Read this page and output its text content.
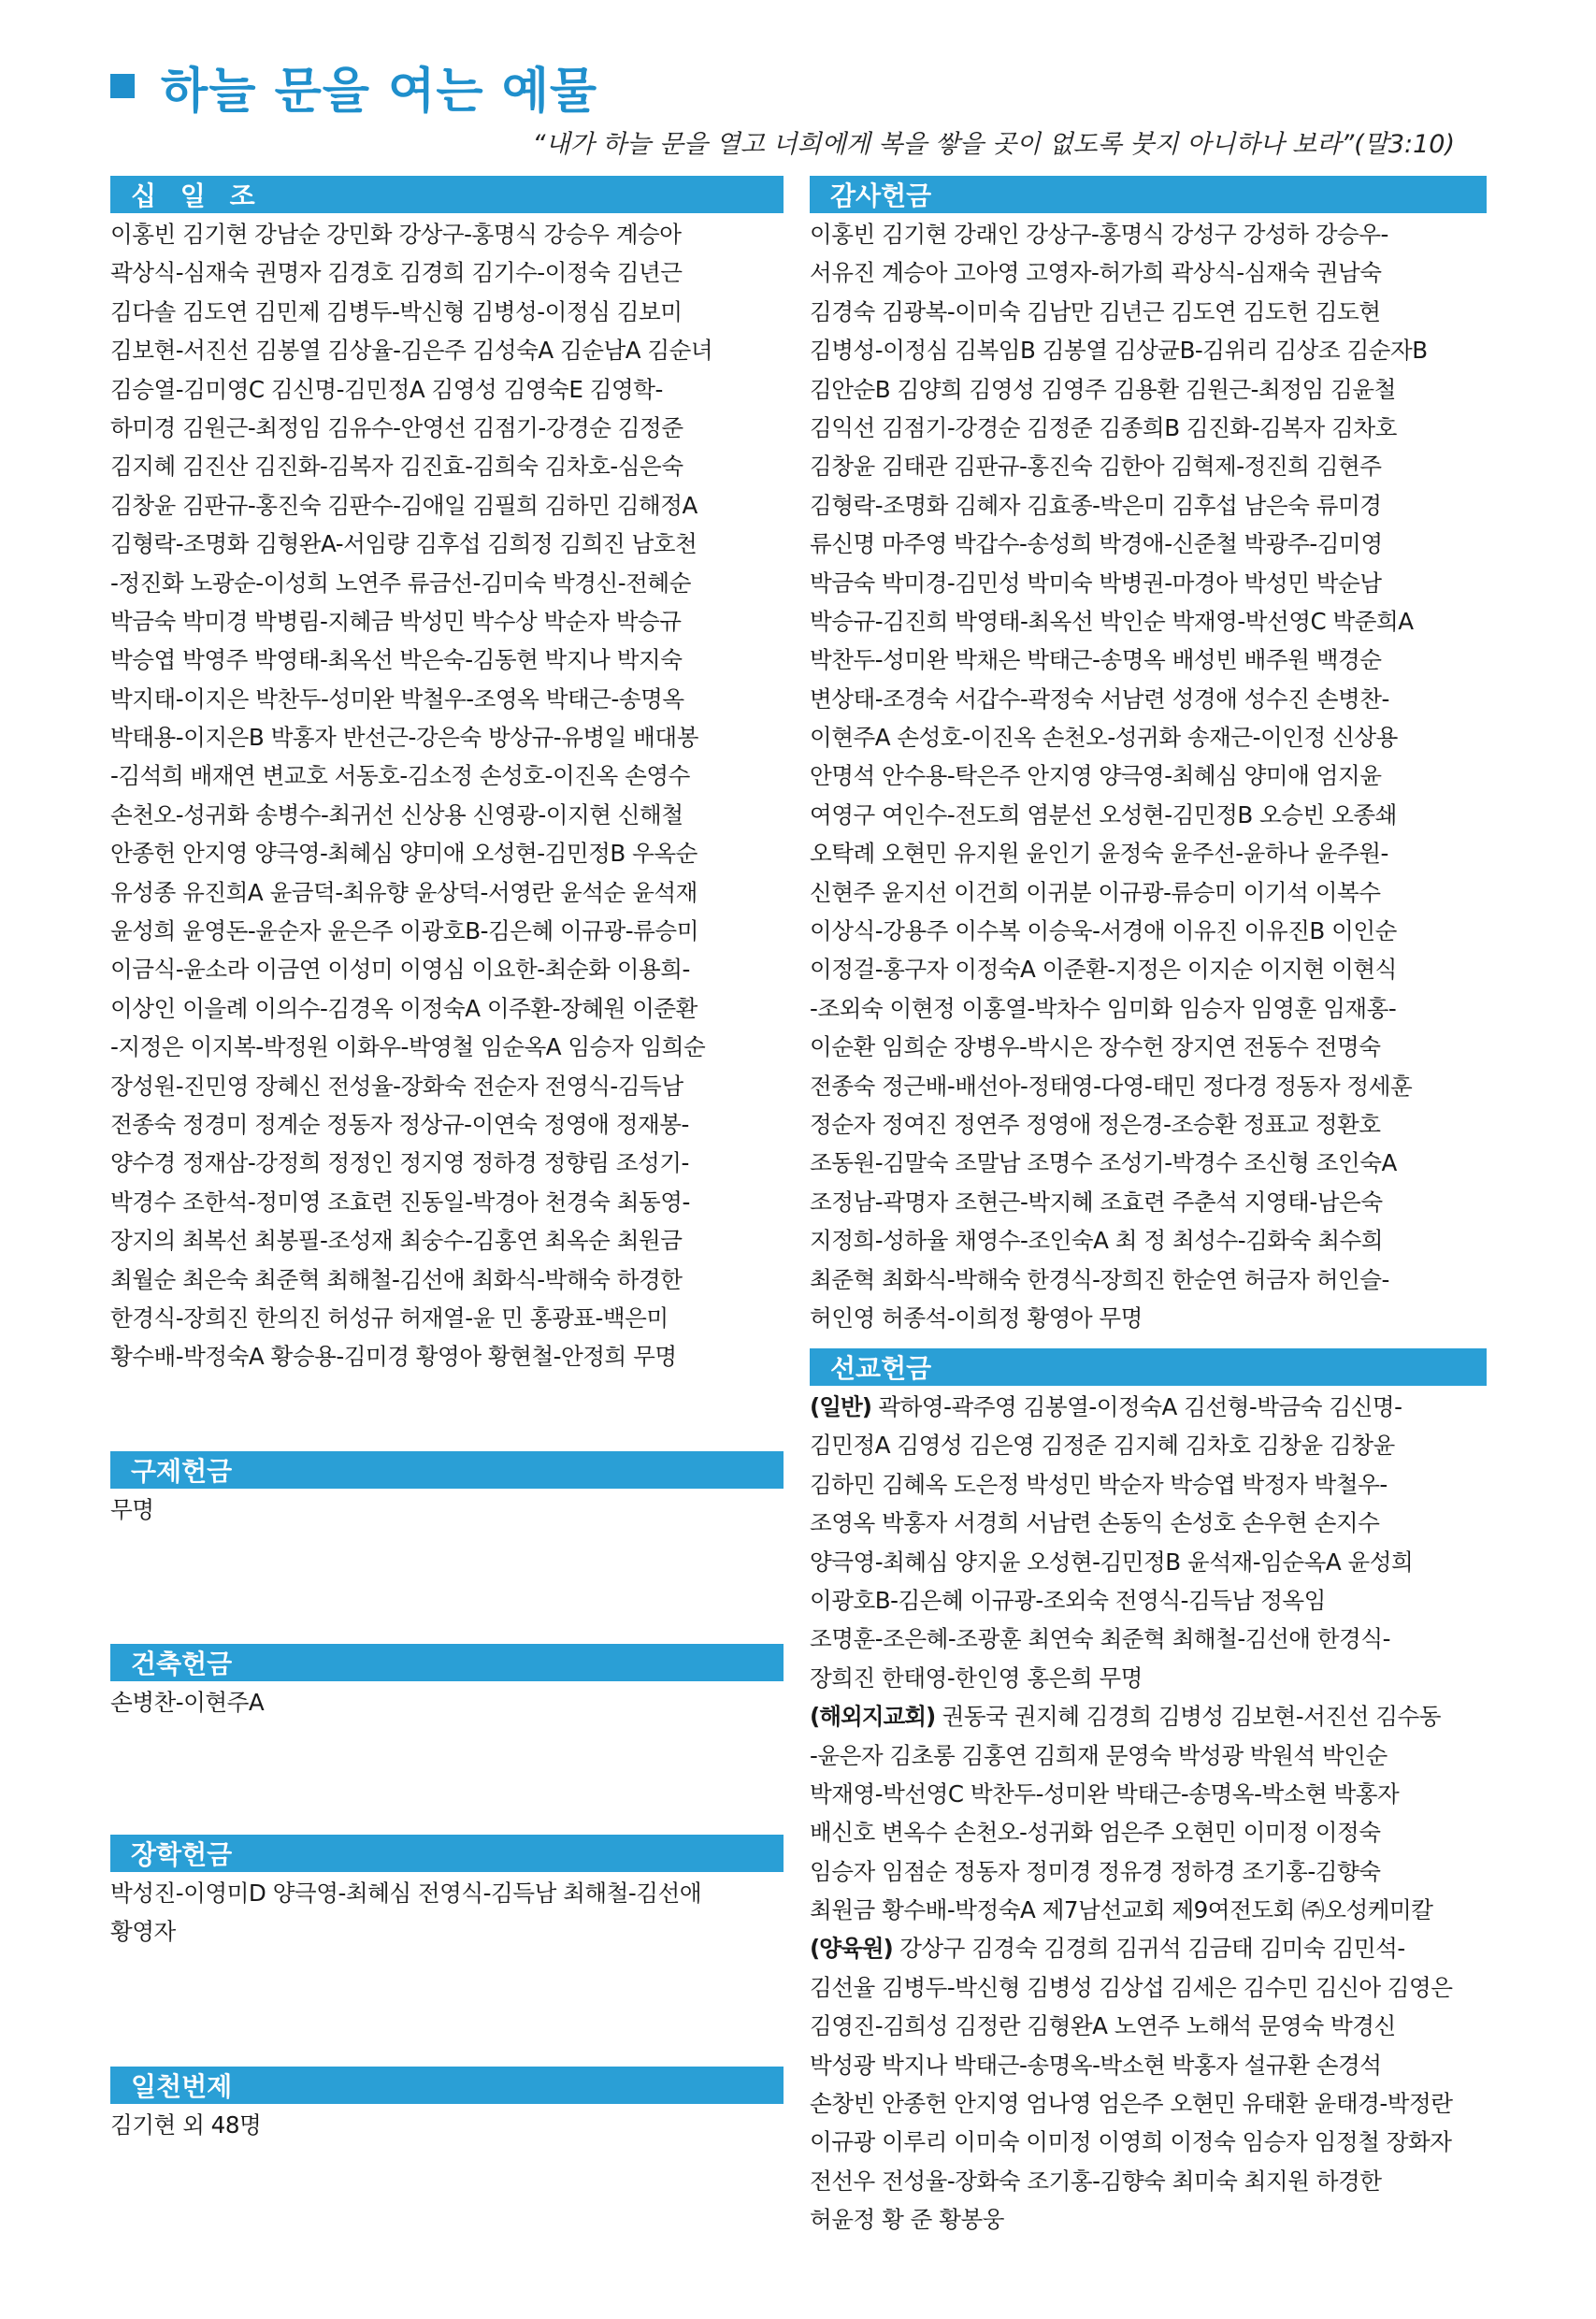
하늘 문을 여는 예물
“내가 하늘 문을 열고 너희에게 복을 쌓을 곳이 없도록 붓지 아니하나 보라”(말3:10)
십 일 조
이홍빈 김기현 강남순 강민화 강상구-홍명식 강승우 계승아
곽상식-심재숙 권명자 김경호 김경희 김기수-이정숙 김년근
김다솔 김도연 김민제 김병두-박신형 김병성-이정심 김보미
김보현-서진선 김봉열 김상율-김은주 김성숙A 김순남A 김순녀
김승열-김미영C 김신명-김민정A 김영성 김영숙E 김영학-
하미경 김원근-최정임 김유수-안영선 김점기-강경순 김정준
김지혜 김진산 김진화-김복자 김진효-김희숙 김차호-심은숙
김창윤 김판규-홍진숙 김판수-김애일 김필희 김하민 김해정A
김형락-조명화 김형완A-서임량 김후섭 김희정 김희진 남호천
-정진화 노광순-이성희 노연주 류금선-김미숙 박경신-전혜순
박금숙 박미경 박병림-지혜금 박성민 박수상 박순자 박승규
박승엽 박영주 박영태-최옥선 박은숙-김동현 박지나 박지숙
박지태-이지은 박찬두-성미완 박철우-조영옥 박태근-송명옥
박태용-이지은B 박홍자 반선근-강은숙 방상규-유병일 배대봉
-김석희 배재연 변교호 서동호-김소정 손성호-이진옥 손영수
손천오-성귀화 송병수-최귀선 신상용 신영광-이지현 신해철
안종헌 안지영 양극영-최혜심 양미애 오성현-김민정B 우옥순
유성종 유진희A 윤금덕-최유향 윤상덕-서영란 윤석순 윤석재
윤성희 윤영돈-윤순자 윤은주 이광호B-김은혜 이규광-류승미
이금식-윤소라 이금연 이성미 이영심 이요한-최순화 이용희-
이상인 이을례 이의수-김경옥 이정숙A 이주환-장혜원 이준환
-지정은 이지복-박정원 이화우-박영철 임순옥A 임승자 임희순
장성원-진민영 장혜신 전성율-장화숙 전순자 전영식-김득남
전종숙 정경미 정계순 정동자 정상규-이연숙 정영애 정재봉-
양수경 정재삼-강정희 정정인 정지영 정하경 정향림 조성기-
박경수 조한석-정미영 조효련 진동일-박경아 천경숙 최동영-
장지의 최복선 최봉필-조성재 최숭수-김홍연 최옥순 최원금
최월순 최은숙 최준혁 최해철-김선애 최화식-박해숙 하경한
한경식-장희진 한의진 허성규 허재열-윤 민 홍광표-백은미
황수배-박정숙A 황승용-김미경 황영아 황현철-안정희 무명
구제헌금
무명
건축헌금
손병찬-이현주A
장학헌금
박성진-이영미D 양극영-최혜심 전영식-김득남 최해철-김선애
황영자
일천번제
김기현 외 48명
감사헌금
이홍빈 김기현 강래인 강상구-홍명식 강성구 강성하 강승우-
서유진 계승아 고아영 고영자-허가희 곽상식-심재숙 권남숙
김경숙 김광복-이미숙 김남만 김년근 김도연 김도헌 김도현
김병성-이정심 김복임B 김봉열 김상균B-김위리 김상조 김순자B
김안순B 김양희 김영성 김영주 김용환 김원근-최정임 김윤철
김익선 김점기-강경순 김정준 김종희B 김진화-김복자 김차호
김창윤 김태관 김판규-홍진숙 김한아 김혁제-정진희 김현주
김형락-조명화 김혜자 김효종-박은미 김후섭 남은숙 류미경
류신명 마주영 박갑수-송성희 박경애-신준철 박광주-김미영
박금숙 박미경-김민성 박미숙 박병권-마경아 박성민 박순남
박승규-김진희 박영태-최옥선 박인순 박재영-박선영C 박준희A
박찬두-성미완 박채은 박태근-송명옥 배성빈 배주원 백경순
변상태-조경숙 서갑수-곽정숙 서남련 성경애 성수진 손병찬-
이현주A 손성호-이진옥 손천오-성귀화 송재근-이인정 신상용
안명석 안수용-탁은주 안지영 양극영-최혜심 양미애 엄지윤
여영구 여인수-전도희 염분선 오성현-김민정B 오승빈 오종쇄
오탁례 오현민 유지원 윤인기 윤정숙 윤주선-윤하나 윤주원-
신현주 윤지선 이건희 이귀분 이규광-류승미 이기석 이복수
이상식-강용주 이수복 이승욱-서경애 이유진 이유진B 이인순
이정걸-홍구자 이정숙A 이준환-지정은 이지순 이지현 이현식
-조외숙 이현정 이홍열-박차수 임미화 임승자 임영훈 임재홍-
이순환 임희순 장병우-박시은 장수헌 장지연 전동수 전명숙
전종숙 정근배-배선아-정태영-다영-태민 정다경 정동자 정세훈
정순자 정여진 정연주 정영애 정은경-조승환 정표교 정환호
조동원-김말숙 조말남 조명수 조성기-박경수 조신형 조인숙A
조정남-곽명자 조현근-박지혜 조효련 주춘석 지영태-남은숙
지정희-성하율 채영수-조인숙A 최 정 최성수-김화숙 최수희
최준혁 최화식-박해숙 한경식-장희진 한순연 허금자 허인슬-
허인영 허종석-이희정 황영아 무명
선교헌금
(일반) 곽하영-곽주영 김봉열-이정숙A 김선형-박금숙 김신명-
김민정A 김영성 김은영 김정준 김지혜 김차호 김창윤 김창윤
김하민 김혜옥 도은정 박성민 박순자 박승엽 박정자 박철우-
조영옥 박홍자 서경희 서남련 손동익 손성호 손우현 손지수
양극영-최혜심 양지윤 오성현-김민정B 윤석재-임순옥A 윤성희
이광호B-김은혜 이규광-조외숙 전영식-김득남 정옥임
조명훈-조은혜-조광훈 최연숙 최준혁 최해철-김선애 한경식-
장희진 한태영-한인영 홍은희 무명
(해외지교회) 권동국 권지혜 김경희 김병성 김보현-서진선 김수동
-윤은자 김초롱 김홍연 김희재 문영숙 박성광 박원석 박인순
박재영-박선영C 박찬두-성미완 박태근-송명옥-박소현 박홍자
배신호 변옥수 손천오-성귀화 엄은주 오현민 이미정 이정숙
임승자 임점순 정동자 정미경 정유경 정하경 조기홍-김향숙
최원금 황수배-박정숙A 제7남선교회 제9여전도회 ㈜오성케미칼
(양육원) 강상구 김경숙 김경희 김귀석 김금태 김미숙 김민석-
김선율 김병두-박신형 김병성 김상섭 김세은 김수민 김신아 김영은
김영진-김희성 김정란 김형완A 노연주 노해석 문영숙 박경신
박성광 박지나 박태근-송명옥-박소현 박홍자 설규환 손경석
손창빈 안종헌 안지영 엄나영 엄은주 오현민 유태환 윤태경-박정란
이규광 이루리 이미숙 이미정 이영희 이정숙 임승자 임정철 장화자
전선우 전성율-장화숙 조기홍-김향숙 최미숙 최지원 하경한
허윤정 황 준 황봉웅
